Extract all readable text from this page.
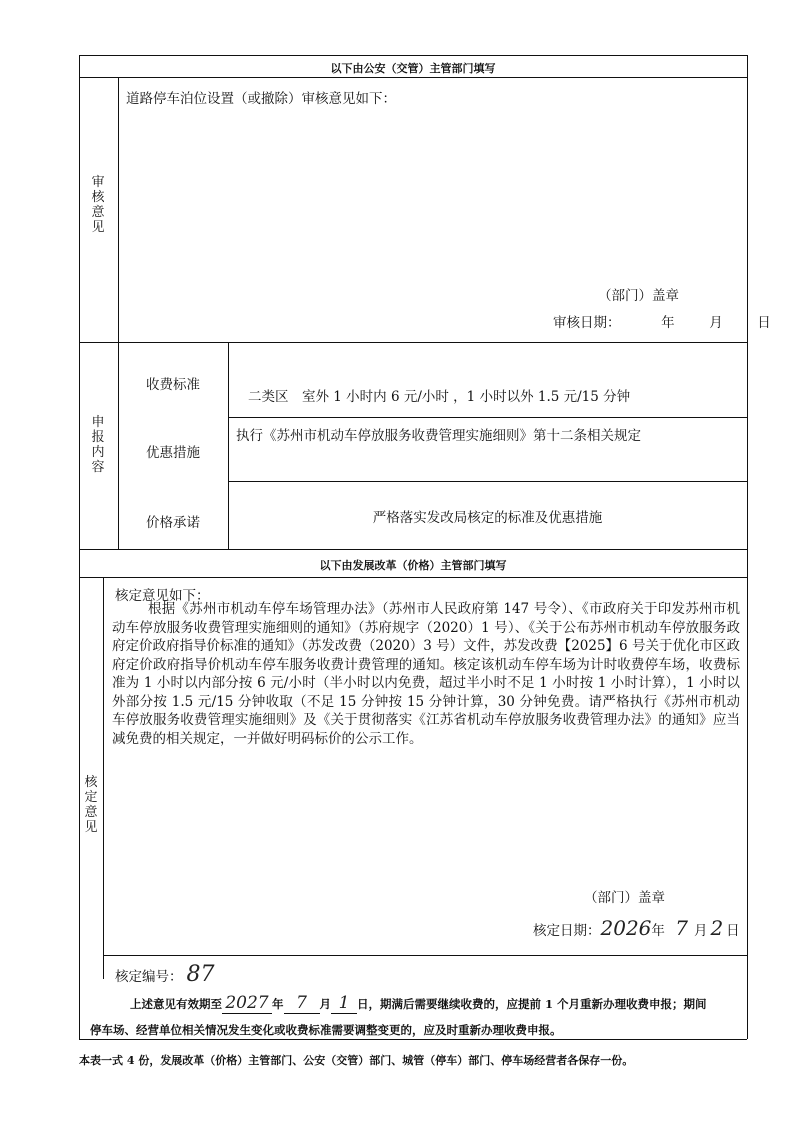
以下由公安（交管）主管部门填写
审核意见
道路停车泊位设置（或撤除）审核意见如下：
（部门）盖章
审核日期：	年	月	日
申报内容
收费标准
二类区　室外 1 小时内 6 元/小时 ，1 小时以外 1.5 元/15 分钟
优惠措施
执行《苏州市机动车停放服务收费管理实施细则》第十二条相关规定
价格承诺	严格落实发改局核定的标准及优惠措施
以下由发展改革（价格）主管部门填写
核定意见
核定意见如下：
根据《苏州市机动车停车场管理办法》（苏州市人民政府第 147 号令）、《市政府关于印发苏州市机动车停放服务收费管理实施细则的通知》（苏府规字（2020）1 号）、《关于公布苏州市机动车停放服务政府定价政府指导价标准的通知》（苏发改费（2020）3 号）文件，苏发改费【2025】6 号关于优化市区政府定价政府指导价机动车停车服务收费计费管理的通知。核定该机动车停车场为计时收费停车场，收费标准为 1 小时以内部分按 6 元/小时（半小时以内免费，超过半小时不足 1 小时按 1 小时计算），1 小时以外部分按 1.5 元/15 分钟收取（不足 15 分钟按 15 分钟计算，30 分钟免费。请严格执行《苏州市机动车停放服务收费管理实施细则》及《关于贯彻落实《江苏省机动车停放服务收费管理办法》的通知》应当减免费的相关规定，一并做好明码标价的公示工作。
（部门）盖章
核定日期：2026年 7 月 2 日
核定编号： 87
上述意见有效期至 2027 年 7 月 1 日，期满后需要继续收费的，应提前 1 个月重新办理收费申报；期间
停车场、经营单位相关情况发生变化或收费标准需要调整变更的，应及时重新办理收费申报。
本表一式 4 份，发展改革（价格）主管部门、公安（交管）部门、城管（停车）部门、停车场经营者各保存一份。
